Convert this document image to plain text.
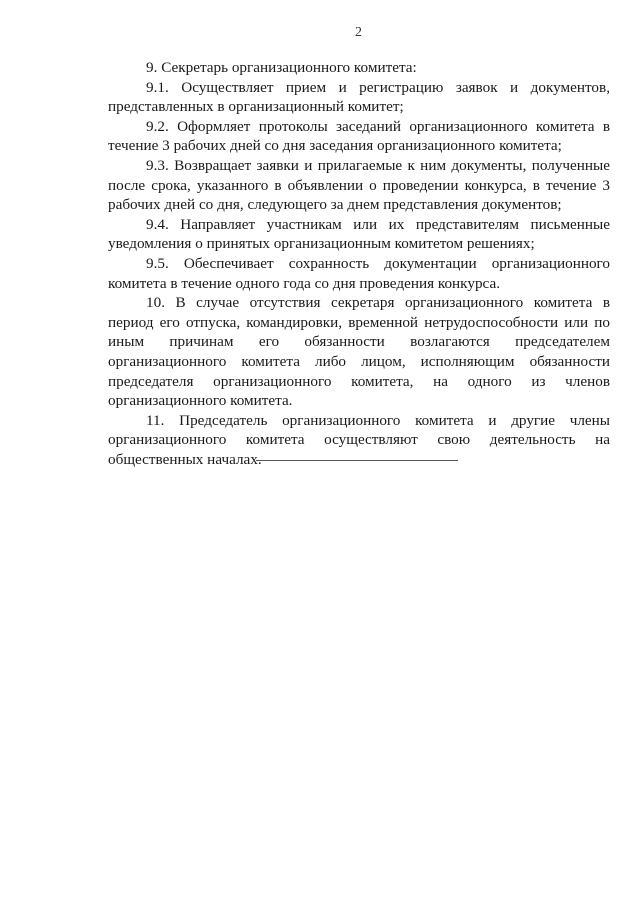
2

9. Секретарь организационного комитета:

9.1. Осуществляет прием и регистрацию заявок и документов, представленных в организационный комитет;

9.2. Оформляет протоколы заседаний организационного комитета в течение 3 рабочих дней со дня заседания организационного комитета;

9.3. Возвращает заявки и прилагаемые к ним документы, полученные после срока, указанного в объявлении о проведении конкурса, в течение 3 рабочих дней со дня, следующего за днем представления документов;

9.4. Направляет участникам или их представителям письменные уведомления о принятых организационным комитетом решениях;

9.5. Обеспечивает сохранность документации организационного комитета в течение одного года со дня проведения конкурса.

10. В случае отсутствия секретаря организационного комитета в период его отпуска, командировки, временной нетрудоспособности или по иным причинам его обязанности возлагаются председателем организационного комитета либо лицом, исполняющим обязанности председателя организационного комитета, на одного из членов организационного комитета.

11. Председатель организационного комитета и другие члены организационного комитета осуществляют свою деятельность на общественных началах.
